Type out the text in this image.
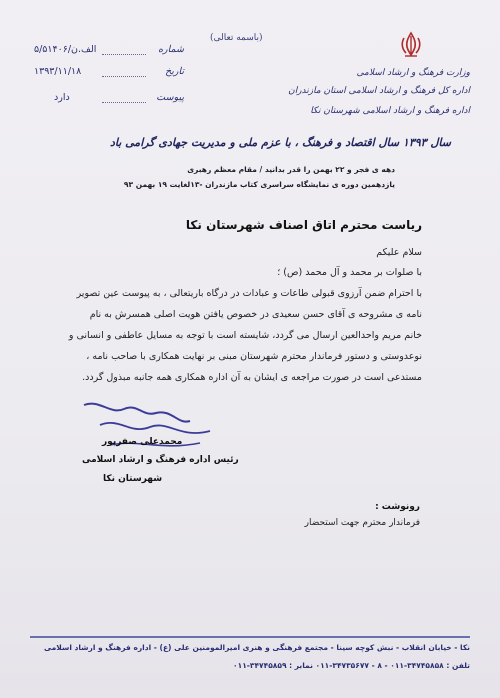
(باسمه تعالی)
وزارت فرهنگ و ارشاد اسلامی
اداره کل فرهنگ و ارشاد اسلامی استان مازندران
اداره فرهنگ و ارشاد اسلامی شهرستان نکا
شماره
۵/۵۱۴۰۶/الف.ن
تاریخ
۱۳۹۳/۱۱/۱۸
پیوست
دارد
سال ۱۳۹۳ سال اقتصاد و فرهنگ ، با عزم ملی و مدیریت جهادی گرامی باد
دهه ی فجر و ۲۲ بهمن را قدر بدانید / مقام معظم رهبری
یازدهمین دوره ی نمایشگاه سراسری کتاب مازندران -۱۳لغایت ۱۹ بهمن ۹۳
ریاست محترم اتاق اصناف شهرستان نکا
سلام علیکم
با صلوات بر محمد و آل محمد (ص) ؛
با احترام ضمن آرزوی قبولی طاعات و عبادات در درگاه باریتعالی ، به پیوست عین تصویر
نامه ی مشروحه ی آقای حسن سعیدی در خصوص یافتن هویت اصلی همسرش به نام
خانم مریم واحدالعین ارسال می گردد، شایسته است با توجه به مسایل عاطفی و انسانی و
نوعدوستی و دستور فرماندار محترم شهرستان مبنی بر نهایت همکاری با صاحب نامه ،
مستدعی است در صورت مراجعه ی ایشان به آن اداره همکاری همه جانبه مبذول گردد.
محمدعلی صفرپور
رئیس اداره فرهنگ و ارشاد اسلامی
شهرستان نکا
رونوشت :
فرماندار محترم جهت استحضار
نکا - خیابان انقلاب - نبش کوچه سینا - مجتمع فرهنگی و هنری امیرالمومنین علی (ع) - اداره فرهنگ و ارشاد اسلامی
تلفن : ۳۴۷۴۵۸۵۸-۰۱۱ - ۸ - ۳۴۷۳۵۶۷۷-۰۱۱ نمابر : ۳۴۷۴۵۸۵۹-۰۱۱
